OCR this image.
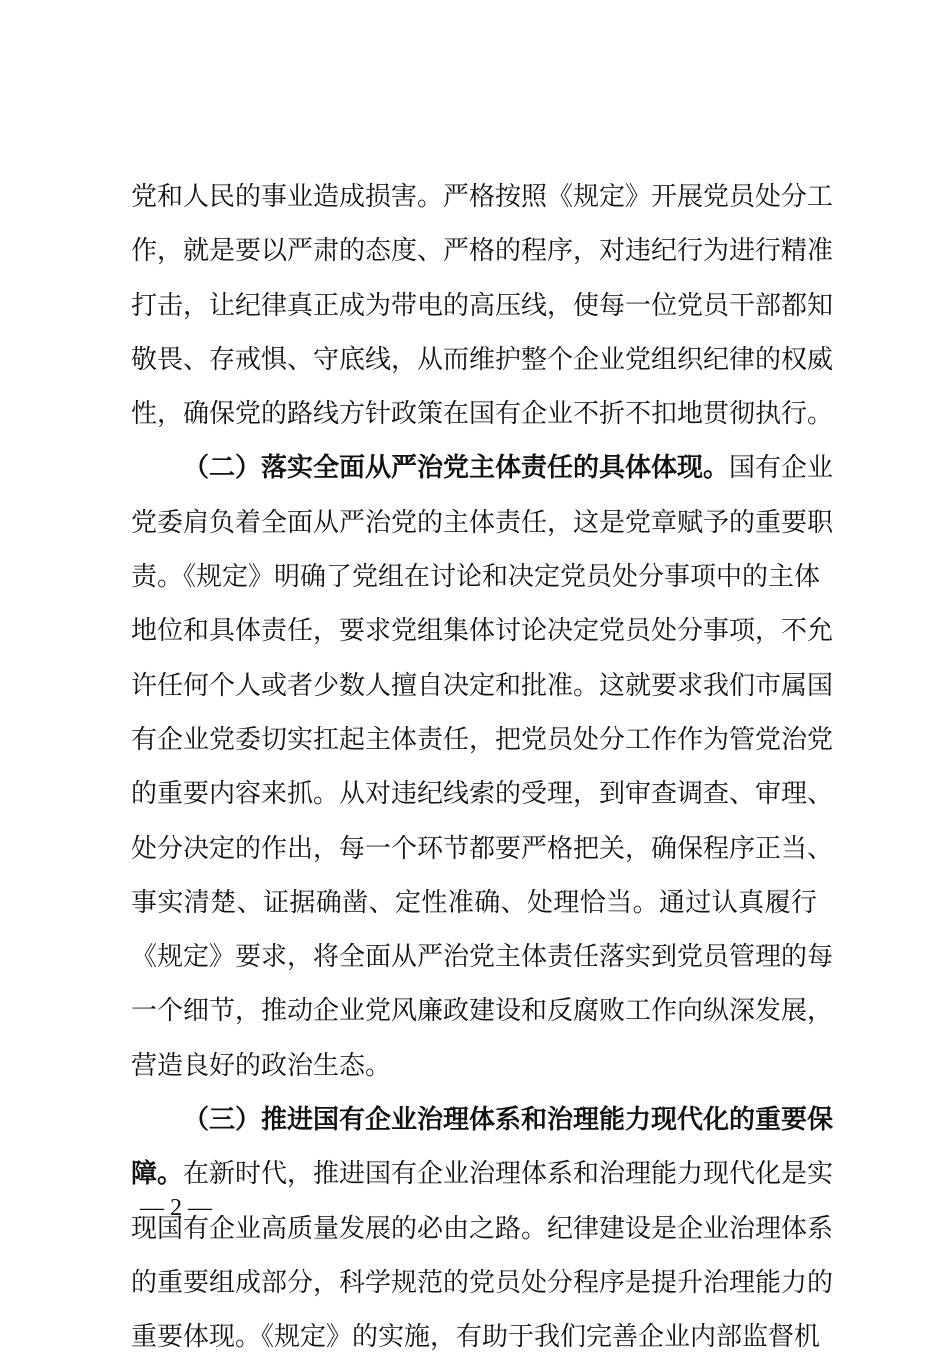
党和人民的事业造成损害。严格按照《规定》开展党员处分工
作，就是要以严肃的态度、严格的程序，对违纪行为进行精准
打击，让纪律真正成为带电的高压线，使每一位党员干部都知
敬畏、存戒惧、守底线，从而维护整个企业党组织纪律的权威
性，确保党的路线方针政策在国有企业不折不扣地贯彻执行。
（二）落实全面从严治党主体责任的具体体现。国有企业
党委肩负着全面从严治党的主体责任，这是党章赋予的重要职
责。《规定》明确了党组在讨论和决定党员处分事项中的主体
地位和具体责任，要求党组集体讨论决定党员处分事项，不允
许任何个人或者少数人擅自决定和批准。这就要求我们市属国
有企业党委切实扛起主体责任，把党员处分工作作为管党治党
的重要内容来抓。从对违纪线索的受理，到审查调查、审理、
处分决定的作出，每一个环节都要严格把关，确保程序正当、
事实清楚、证据确凿、定性准确、处理恰当。通过认真履行
《规定》要求，将全面从严治党主体责任落实到党员管理的每
一个细节，推动企业党风廉政建设和反腐败工作向纵深发展，
营造良好的政治生态。
（三）推进国有企业治理体系和治理能力现代化的重要保
障。在新时代，推进国有企业治理体系和治理能力现代化是实
现国有企业高质量发展的必由之路。纪律建设是企业治理体系
的重要组成部分，科学规范的党员处分程序是提升治理能力的
重要体现。《规定》的实施，有助于我们完善企业内部监督机
— 2 —
